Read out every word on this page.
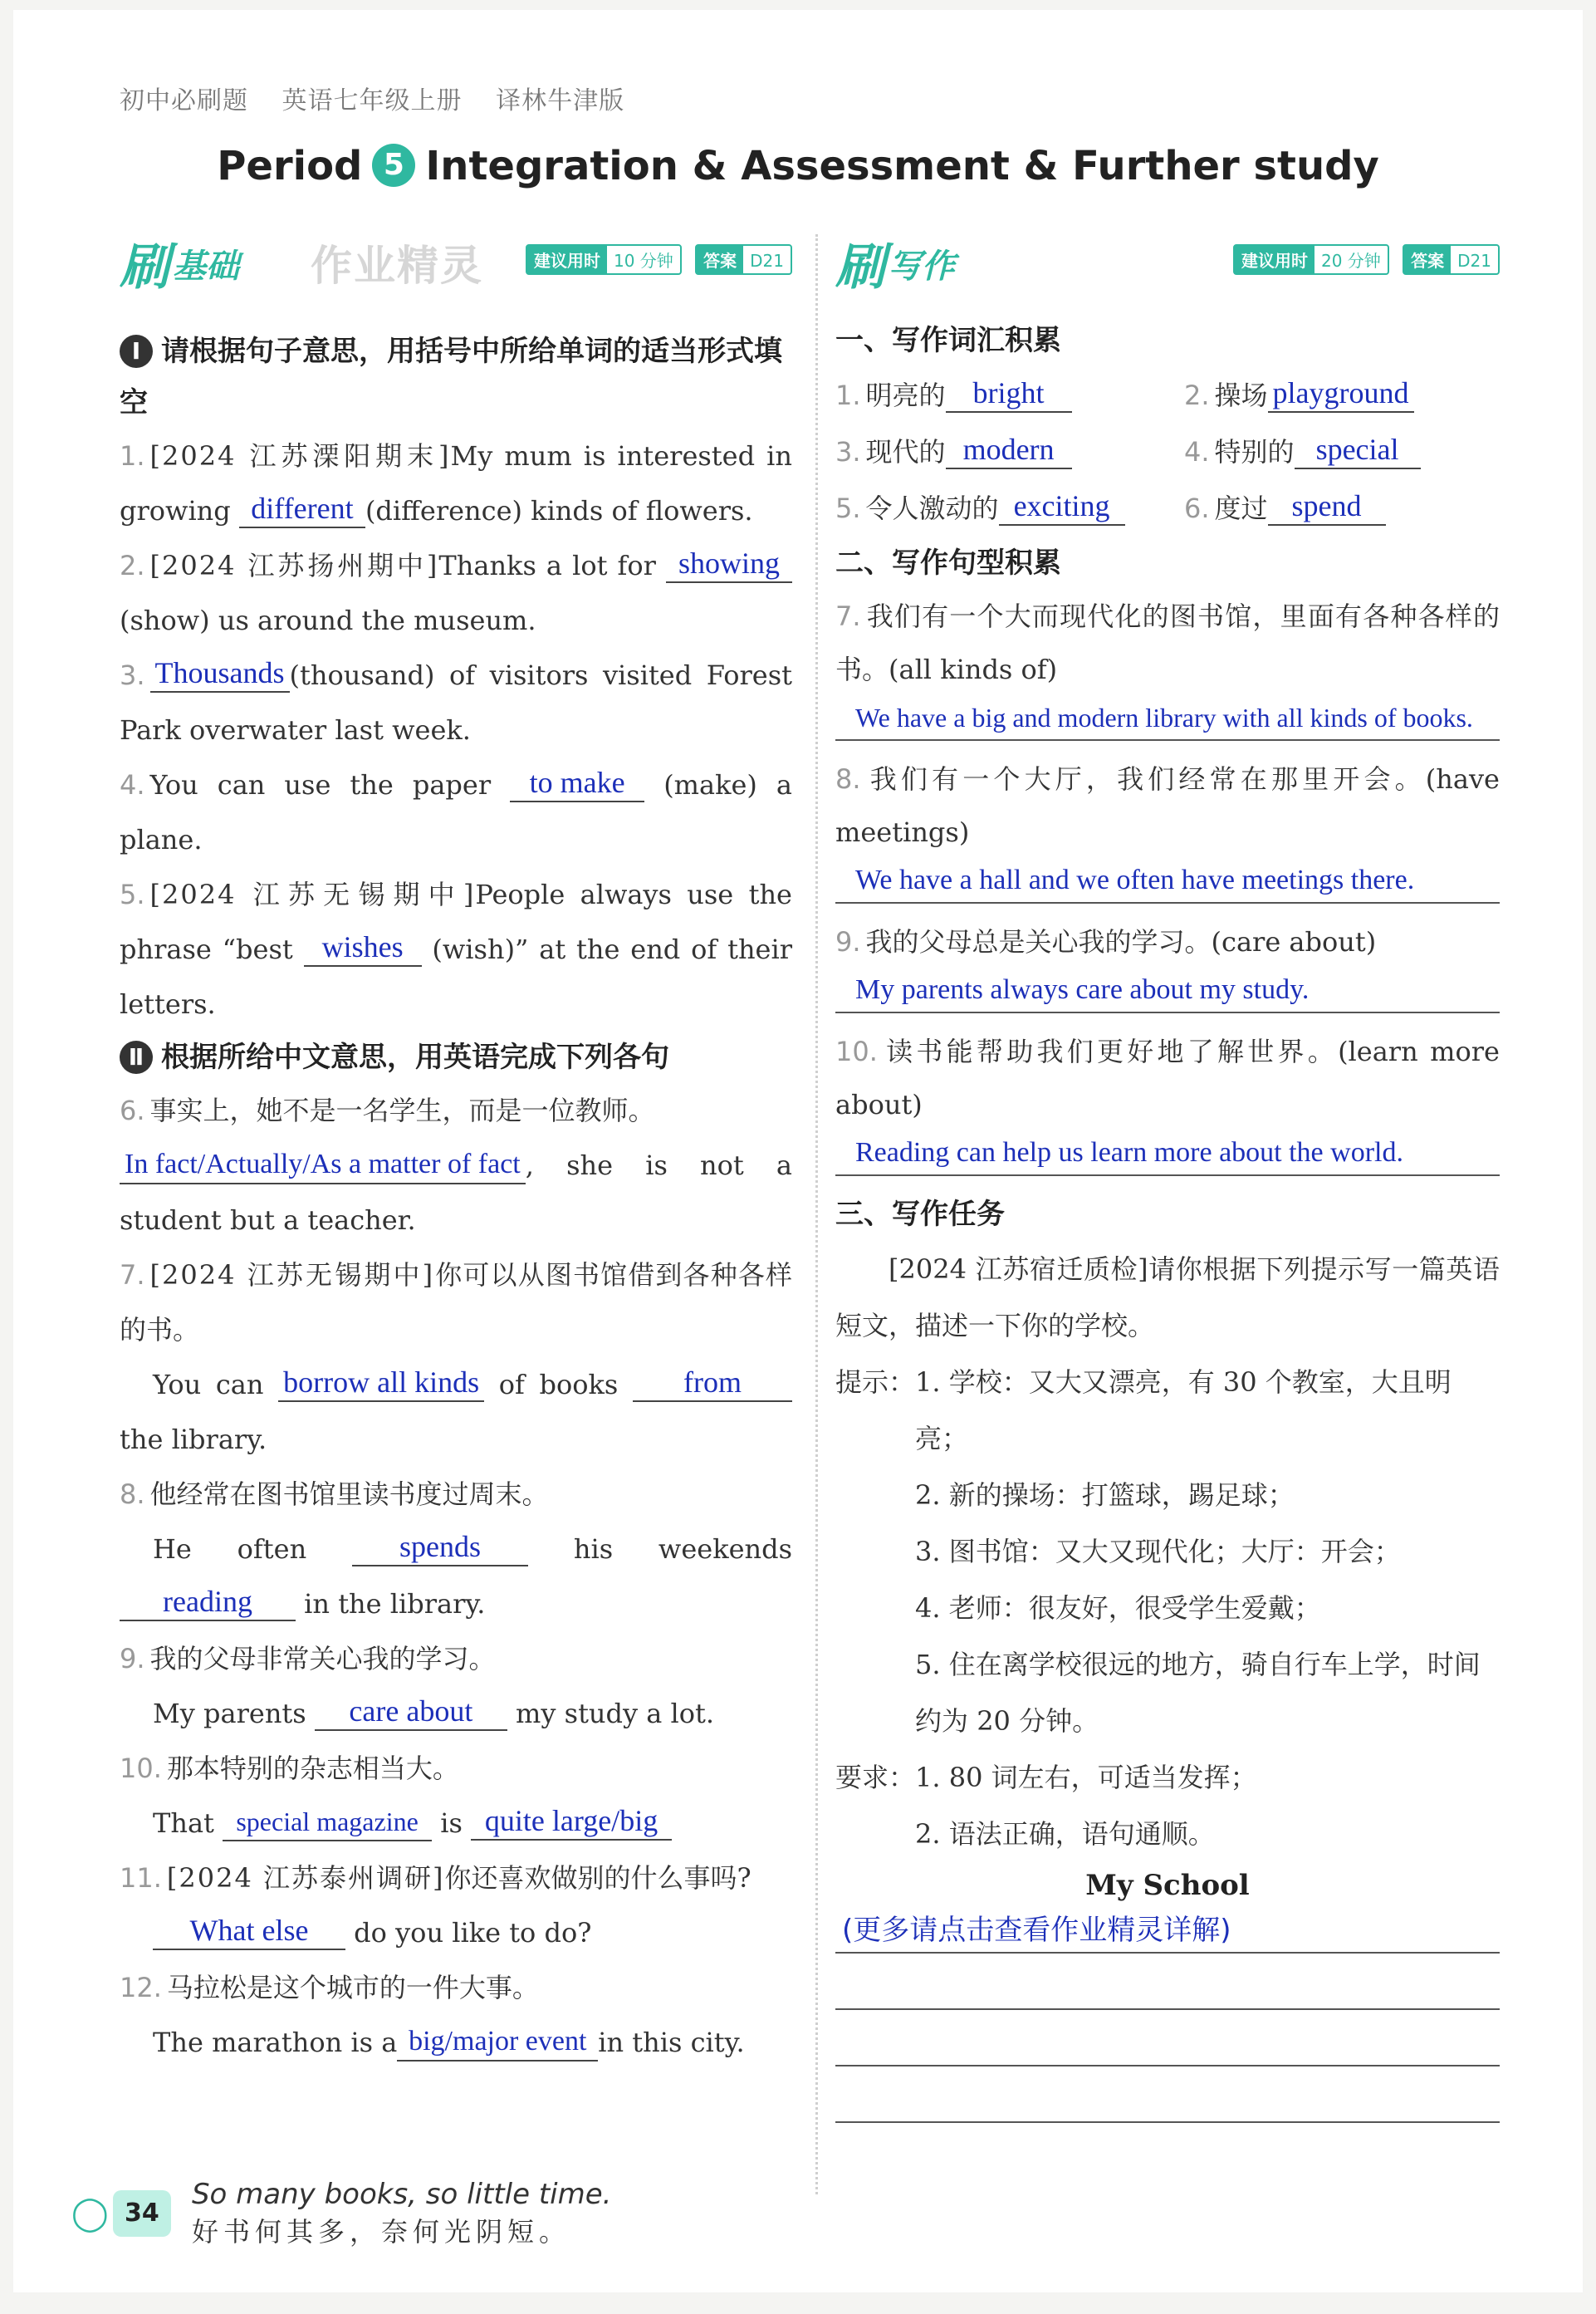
初中必刷题 英语七年级上册 译林牛津版
Period 5 Integration & Assessment & Further study
刷基础 作业精灵	建议用时 10 分钟 答案 D21
Ⅰ 请根据句子意思，用括号中所给单词的适当形式填空
1. [2024 江苏溧阳期末]My mum is interested in growing different (difference) kinds of flowers.
2. [2024 江苏扬州期中]Thanks a lot for showing (show) us around the museum.
3. Thousands (thousand) of visitors visited Forest Park overwater last week.
4. You can use the paper to make (make) a plane.
5. [2024 江苏无锡期中]People always use the phrase “best wishes (wish)” at the end of their letters.
Ⅱ 根据所给中文意思，用英语完成下列各句
6. 事实上，她不是一名学生，而是一位教师。
In fact/Actually/As a matter of fact , she is not a student but a teacher.
7. [2024 江苏无锡期中]你可以从图书馆借到各种各样的书。
You can borrow all kinds of books from the library.
8. 他经常在图书馆里读书度过周末。
He often	spends	his weekends reading in the library.
9. 我的父母非常关心我的学习。
My parents care about my study a lot.
10. 那本特别的杂志相当大。
That special magazine is quite large/big
11. [2024 江苏泰州调研]你还喜欢做别的什么事吗?
What else do you like to do?
12. 马拉松是这个城市的一件大事。
The marathon is a big/major event in this city.
刷写作	建议用时 20 分钟 答案 D21
一、写作词汇积累
1. 明亮的 bright	2. 操场 playground
3. 现代的 modern	4. 特别的 special
5. 令人激动的 exciting	6. 度过 spend
二、写作句型积累
7. 我们有一个大而现代化的图书馆，里面有各种各样的书。(all kinds of)
We have a big and modern library with all kinds of books.
8. 我们有一个大厅，我们经常在那里开会。(have meetings)
We have a hall and we often have meetings there.
9. 我的父母总是关心我的学习。(care about)
My parents always care about my study.
10. 读书能帮助我们更好地了解世界。(learn more about)
Reading can help us learn more about the world.
三、写作任务
[2024 江苏宿迁质检]请你根据下列提示写一篇英语短文，描述一下你的学校。
提示： 1. 学校：又大又漂亮，有 30 个教室，大且明亮；
2. 新的操场：打篮球，踢足球；
3. 图书馆：又大又现代化；大厅：开会；
4. 老师：很友好，很受学生爱戴；
5. 住在离学校很远的地方，骑自行车上学，时间约为 20 分钟。
要求： 1. 80 词左右，可适当发挥；
2. 语法正确，语句通顺。
My School
(更多请点击查看作业精灵详解)
◯ 34
So many books, so little time.
好书何其多，奈何光阴短。
